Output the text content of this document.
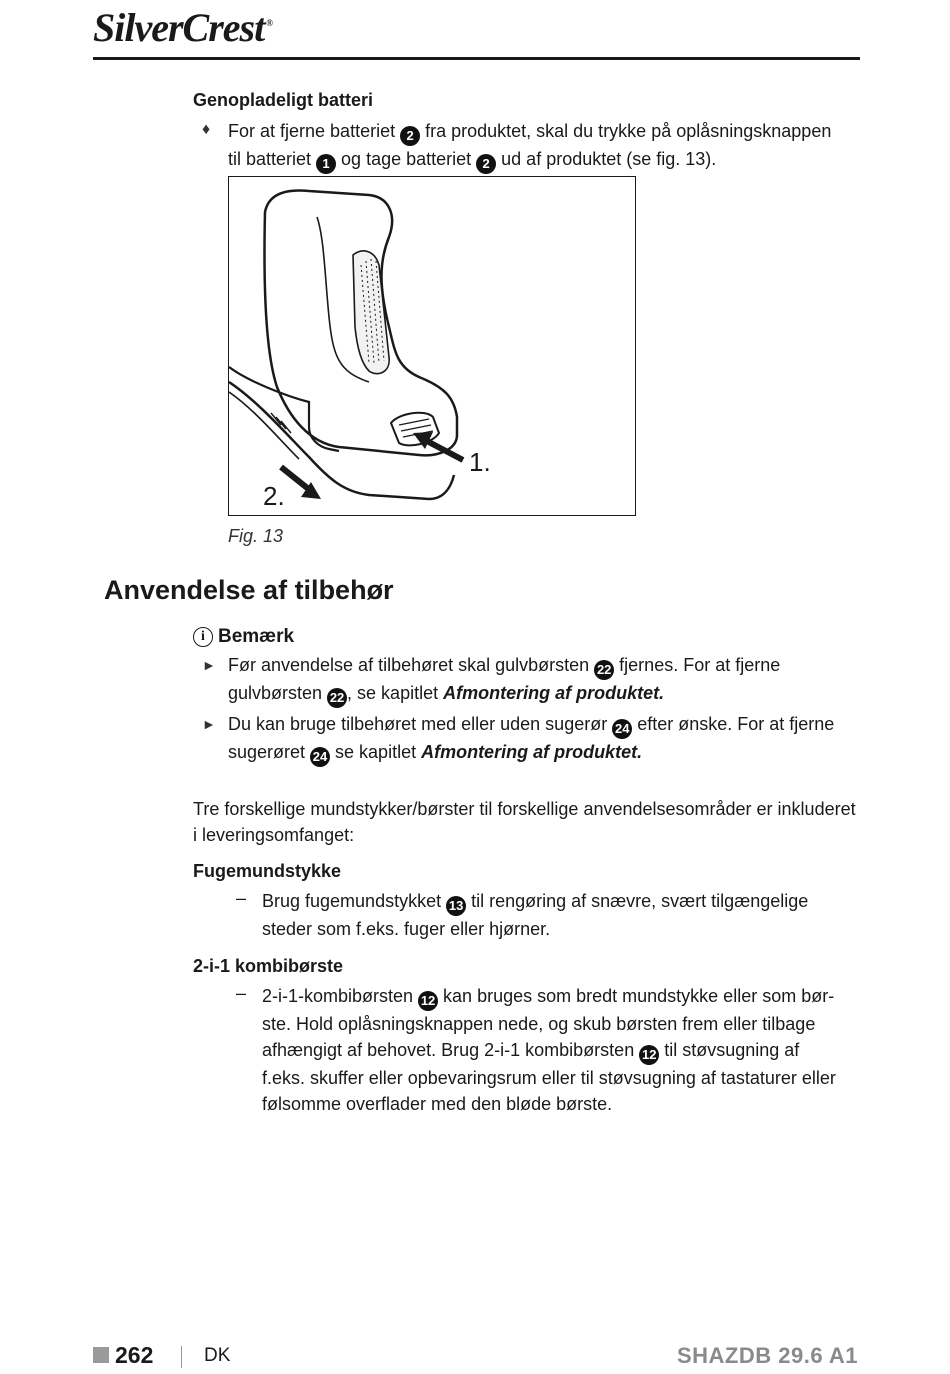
SilverCrest ®
Genopladeligt batteri
♦ For at fjerne batteriet 2 fra produktet, skal du trykke på oplåsningsknappen
til batteriet 1 og tage batteriet 2 ud af produktet (se fig. 13).
1.
2.
Fig. 13
Anvendelse af tilbehør
i Bemærk
► Før anvendelse af tilbehøret skal gulvbørsten 22 fjernes. For at fjerne
gulvbørsten 22 , se kapitlet Afmontering af produktet.
► Du kan bruge tilbehøret med eller uden sugerør 24 efter ønske. For at fjerne
sugerøret 24 se kapitlet Afmontering af produktet.
Tre forskellige mundstykker/børster til forskellige anvendelsesområder er inkluderet
i leveringsomfanget:
Fugemundstykke
– Brug fugemundstykket 13 til rengøring af snævre, svært tilgængelige
steder som f.eks. fuger eller hjørner.
2-i-1 kombibørste
– 2-i-1-kombibørsten 12 kan bruges som bredt mundstykke eller som bør-
ste. Hold oplåsningsknappen nede, og skub børsten frem eller tilbage
afhængigt af behovet. Brug 2-i-1 kombibørsten 12 til støvsugning af
f.eks. skuffer eller opbevaringsrum eller til støvsugning af tastaturer eller
følsomme overflader med den bløde børste.
262	DK	SHAZDB 29.6 A1
